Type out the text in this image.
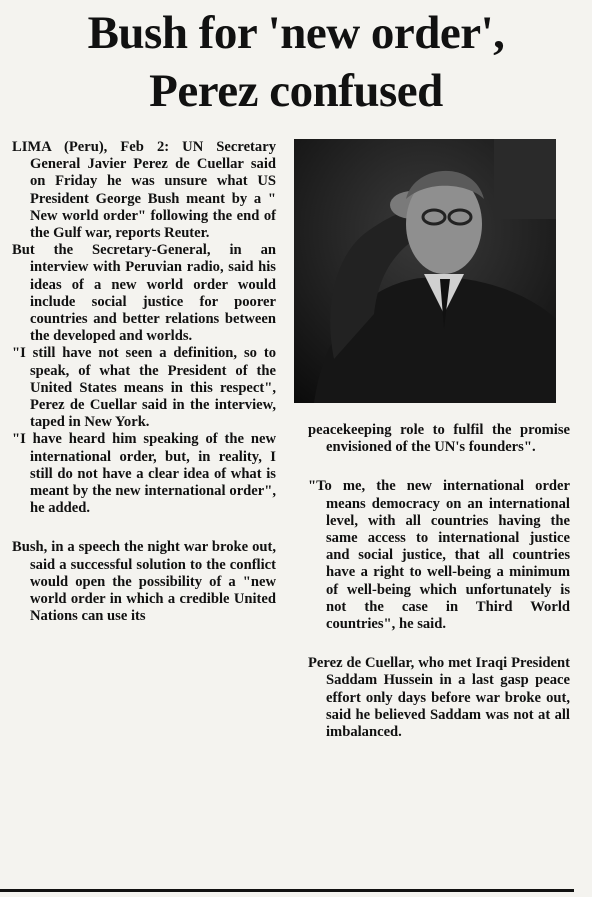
Bush for 'new order',
Perez confused

LIMA (Peru), Feb 2: UN Secretary General Javier Perez de Cuellar said on Friday he was unsure what US President George Bush meant by a " New world order" following the end of the Gulf war, reports Reuter.

But the Secretary-General, in an interview with Peruvian radio, said his ideas of a new world order would include social justice for poorer countries and better relations between the developed and worlds.

"I still have not seen a definition, so to speak, of what the President of the United States means in this respect", Perez de Cuellar said in the interview, taped in New York.

"I have heard him speaking of the new international order, but, in reality, I still do not have a clear idea of what is meant by the new international order", he added.

Bush, in a speech the night war broke out, said a successful solution to the conflict would open the possibility of a "new world order in which a credible United Nations can use its

peacekeeping role to fulfil the promise envisioned of the UN's founders".

"To me, the new international order means democracy on an international level, with all countries having the same access to international justice and social justice, that all countries have a right to well-being a minimum of well-being which unfortunately is not the case in Third World countries", he said.

Perez de Cuellar, who met Iraqi President Saddam Hussein in a last gasp peace effort only days before war broke out, said he believed Saddam was not at all imbalanced.
